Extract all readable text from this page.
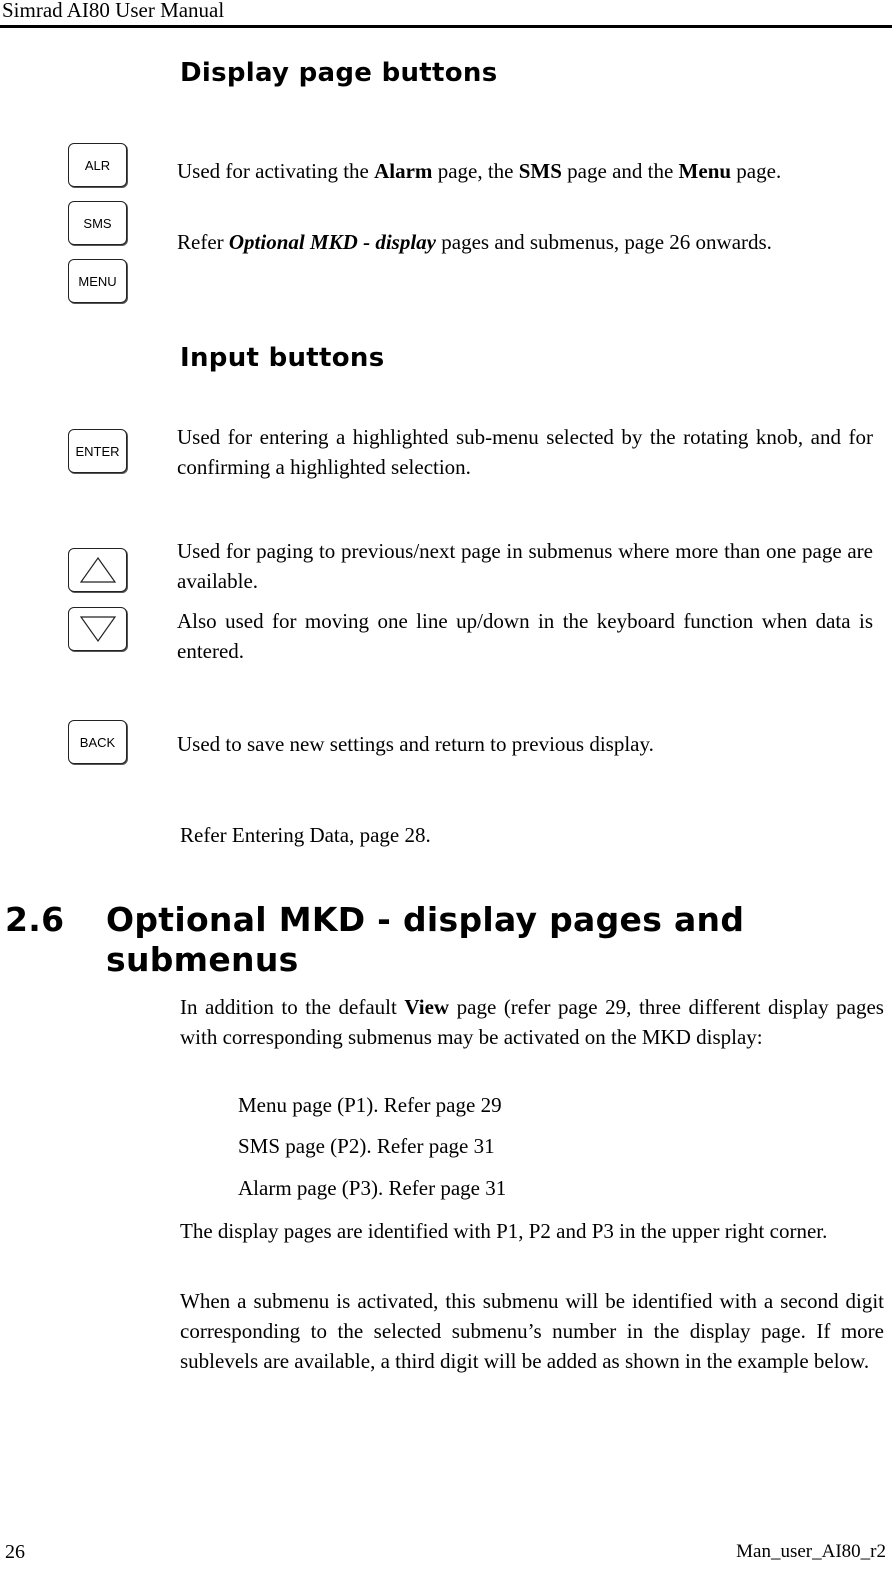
Simrad AI80 User Manual
Display page buttons
ALR
SMS
MENU
Used for activating the Alarm page, the SMS page and the Menu page.
Refer Optional MKD - display pages and submenus, page 26 onwards.
Input buttons
ENTER
Used for entering a highlighted sub-menu selected by the rotating knob, and for confirming a highlighted selection.
Used for paging to previous/next page in submenus where more than one page are available.
Also used for moving one line up/down in the keyboard function when data is entered.
BACK	Used to save new settings and return to previous display.
Refer Entering Data, page 28.
2.6 Optional MKD - display pages and
submenus
In addition to the default View page (refer page 29, three different display pages with corresponding submenus may be activated on the MKD display:
Menu page (P1). Refer page 29
SMS page (P2). Refer page 31
Alarm page (P3). Refer page 31
The display pages are identified with P1, P2 and P3 in the upper right corner.
When a submenu is activated, this submenu will be identified with a second digit corresponding to the selected submenu’s number in the display page. If more sublevels are available, a third digit will be added as shown in the example below.
26	Man_user_AI80_r2
